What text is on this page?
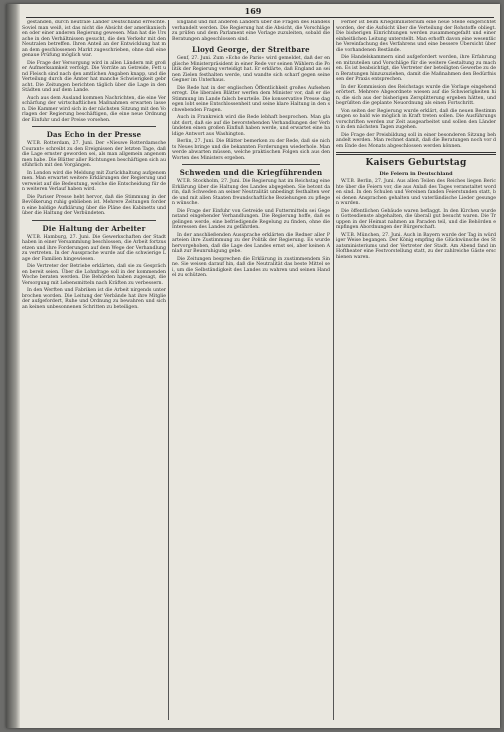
169

gestanden, durch neutrale Länder Deutschland erreichte. Soviel man weiß, ist das nicht die Absicht der amerikanischen oder einer anderen Regierung gewesen. Man hat die Ursache in den Verhältnissen gesucht, die den Verkehr mit den Neutralen betreffen. Ihren Anteil an der Entwicklung hat man dem geschlossenen Markt zugeschrieben, ohne daß eine genaue Prüfung möglich war.

Die Frage der Versorgung wird in allen Ländern mit großer Aufmerksamkeit verfolgt. Die Vorräte an Getreide, Fett und Fleisch sind nach den amtlichen Angaben knapp, und die Verteilung durch die Ämter hat manche Schwierigkeit gebracht. Die Zeitungen berichten täglich über die Lage in den Städten und auf dem Lande.

Auch aus dem Ausland kommen Nachrichten, die eine Verschärfung der wirtschaftlichen Maßnahmen erwarten lassen. Die Kammer wird sich in der nächsten Sitzung mit den Vorlagen der Regierung beschäftigen, die eine neue Ordnung der Einfuhr und der Preise vorsehen.

Das Echo in der Presse

W.T.B. Rotterdam, 27. Juni. Der »Nieuwe Rotterdamsche Courant« schreibt zu den Ereignissen der letzten Tage, daß die Lage ernster geworden sei, als man allgemein angenommen habe. Die Blätter aller Richtungen beschäftigen sich ausführlich mit den Vorgängen.

In London wird die Meldung mit Zurückhaltung aufgenommen. Man erwartet weitere Erklärungen der Regierung und verweist auf die Bedeutung, welche die Entscheidung für den weiteren Verlauf haben wird.

Die Pariser Presse hebt hervor, daß die Stimmung in der Bevölkerung ruhig geblieben ist. Mehrere Zeitungen fordern eine baldige Aufklärung über die Pläne des Kabinetts und über die Haltung der Verbündeten.

Die Haltung der Arbeiter

W.T.B. Hamburg, 27. Juni. Die Gewerkschaften der Stadt haben in einer Versammlung beschlossen, die Arbeit fortzusetzen und ihre Forderungen auf dem Wege der Verhandlung zu vertreten. In der Aussprache wurde auf die schwierige Lage der Familien hingewiesen.

Die Vertreter der Betriebe erklärten, daß sie zu Gesprächen bereit seien. Über die Lohnfrage soll in der kommenden Woche beraten werden. Die Behörden haben zugesagt, die Versorgung mit Lebensmitteln nach Kräften zu verbessern.

In den Werften und Fabriken ist die Arbeit nirgends unterbrochen worden. Die Leitung der Verbände hat ihre Mitglieder aufgefordert, Ruhe und Ordnung zu bewahren und sich an keinen unbesonnenen Schritten zu beteiligen.

England und mit anderen Ländern über die Fragen des Handels verhandelt werden. Die Regierung hat die Absicht, die Vorschläge zu prüfen und dem Parlament eine Vorlage zuzuleiten, sobald die Beratungen abgeschlossen sind.

Lloyd George, der Streitbare

Genf, 27. Juni. Zum »Echo de Paris« wird gemeldet, daß der englische Ministerpräsident in einer Rede vor seinen Wählern die Politik der Regierung verteidigt hat. Er erklärte, daß England an seinen Zielen festhalten werde, und wandte sich scharf gegen seine Gegner im Unterhaus.

Die Rede hat in der englischen Öffentlichkeit großes Aufsehen erregt. Die liberalen Blätter werfen dem Minister vor, daß er die Stimmung im Lande falsch beurteile. Die konservative Presse dagegen lobt seine Entschlossenheit und seine klare Haltung in den schwebenden Fragen.

Auch in Frankreich wird die Rede lebhaft besprochen. Man glaubt dort, daß sie auf die bevorstehenden Verhandlungen der Verbündeten einen großen Einfluß haben werde, und erwartet eine baldige Antwort aus Washington.

Berlin, 27. Juni. Die Blätter bemerken zu der Rede, daß sie nichts Neues bringe und die bekannten Forderungen wiederhole. Man werde abwarten müssen, welche praktischen Folgen sich aus den Worten des Ministers ergeben.

Schweden und die Kriegführenden

W.T.B. Stockholm, 27. Juni. Die Regierung hat im Reichstag eine Erklärung über die Haltung des Landes abgegeben. Sie betont darin, daß Schweden an seiner Neutralität unbedingt festhalten werde und mit allen Staaten freundschaftliche Beziehungen zu pflegen wünsche.

Die Frage der Einfuhr von Getreide und Futtermitteln sei Gegenstand eingehender Verhandlungen. Die Regierung hoffe, daß es gelingen werde, eine befriedigende Regelung zu finden, ohne die Interessen des Landes zu gefährden.

In der anschließenden Aussprache erklärten die Redner aller Parteien ihre Zustimmung zu der Politik der Regierung. Es wurde hervorgehoben, daß die Lage des Landes ernst sei, aber keinen Anlaß zur Beunruhigung gebe.

Die Zeitungen besprechen die Erklärung in zustimmendem Sinne. Sie weisen darauf hin, daß die Neutralität das beste Mittel sei, um die Selbständigkeit des Landes zu wahren und seinen Handel zu schützen.

Ferner ist beim Kriegsministerium eine neue Stelle eingerichtet worden, der die Aufsicht über die Verteilung der Rohstoffe obliegt. Die bisherigen Einrichtungen werden zusammengefaßt und einer einheitlichen Leitung unterstellt. Man erhofft davon eine wesentliche Vereinfachung des Verfahrens und eine bessere Übersicht über die vorhandenen Bestände.

Die Handelskammern sind aufgefordert worden, ihre Erfahrungen mitzuteilen und Vorschläge für die weitere Gestaltung zu machen. Es ist beabsichtigt, die Vertreter der beteiligten Gewerbe zu den Beratungen hinzuzuziehen, damit die Maßnahmen den Bedürfnissen der Praxis entsprechen.

In der Kommission des Reichstags wurde die Vorlage eingehend erörtert. Mehrere Abgeordnete wiesen auf die Schwierigkeiten hin, die sich aus der bisherigen Zersplitterung ergeben hätten, und begrüßten die geplante Neuordnung als einen Fortschritt.

Von seiten der Regierung wurde erklärt, daß die neuen Bestimmungen so bald wie möglich in Kraft treten sollen. Die Ausführungsvorschriften werden zur Zeit ausgearbeitet und sollen den Ländern in den nächsten Tagen zugehen.

Die Frage der Preisbildung soll in einer besonderen Sitzung behandelt werden. Man rechnet damit, daß die Beratungen noch vor dem Ende des Monats abgeschlossen werden können.

Kaisers Geburtstag
Die Feiern in Deutschland

W.T.B. Berlin, 27. Juni. Aus allen Teilen des Reiches liegen Berichte über die Feiern vor, die aus Anlaß des Tages veranstaltet worden sind. In den Schulen und Vereinen fanden Feierstunden statt, bei denen Ansprachen gehalten und vaterländische Lieder gesungen wurden.

Die öffentlichen Gebäude waren beflaggt. In den Kirchen wurden Gottesdienste abgehalten, die überall gut besucht waren. Die Truppen in der Heimat nahmen an Paraden teil, und die Behörden empfingen Abordnungen der Bürgerschaft.

W.T.B. München, 27. Juni. Auch in Bayern wurde der Tag in würdiger Weise begangen. Der König empfing die Glückwünsche des Staatsministeriums und der Vertreter der Stadt. Am Abend fand im Hoftheater eine Festvorstellung statt, zu der zahlreiche Gäste erschienen waren.
